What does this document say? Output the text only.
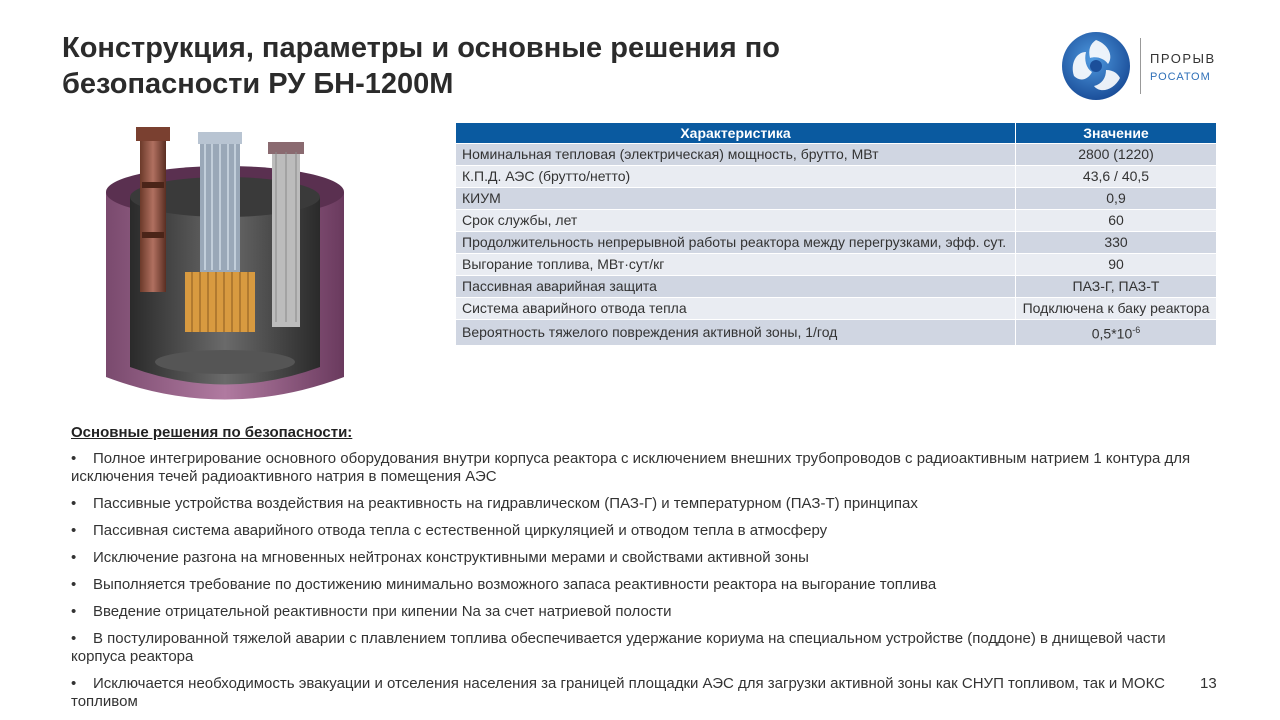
Конструкция, параметры и основные решения по безопасности РУ БН-1200М
ПРОРЫВ
РОСАТОМ
Характеристика	Значение
Номинальная тепловая (электрическая) мощность, брутто, МВт	2800 (1220)
К.П.Д. АЭС (брутто/нетто)	43,6 / 40,5
КИУМ	0,9
Срок службы, лет	60
Продолжительность непрерывной работы реактора между перегрузками, эфф. сут.	330
Выгорание топлива, МВт·сут/кг	90
Пассивная аварийная защита	ПАЗ-Г, ПАЗ-Т
Система аварийного отвода тепла	Подключена к баку реактора
Вероятность тяжелого повреждения активной зоны, 1/год	$0,5*10^{-6}$
Основные решения по безопасности:
• Полное интегрирование основного оборудования внутри корпуса реактора с исключением внешних трубопроводов с радиоактивным натрием 1 контура для исключения течей радиоактивного натрия в помещения АЭС
• Пассивные устройства воздействия на реактивность на гидравлическом (ПАЗ-Г) и температурном (ПАЗ-Т) принципах
• Пассивная система аварийного отвода тепла с естественной циркуляцией и отводом тепла в атмосферу
• Исключение разгона на мгновенных нейтронах конструктивными мерами и свойствами активной зоны
• Выполняется требование по достижению минимально возможного запаса реактивности реактора на выгорание топлива
• Введение отрицательной реактивности при кипении Na за счет натриевой полости
• В постулированной тяжелой аварии с плавлением топлива обеспечивается удержание кориума на специальном устройстве (поддоне) в днищевой части корпуса реактора
• Исключается необходимость эвакуации и отселения населения за границей площадки АЭС для загрузки активной зоны как СНУП топливом, так и МОКС топливом
13
